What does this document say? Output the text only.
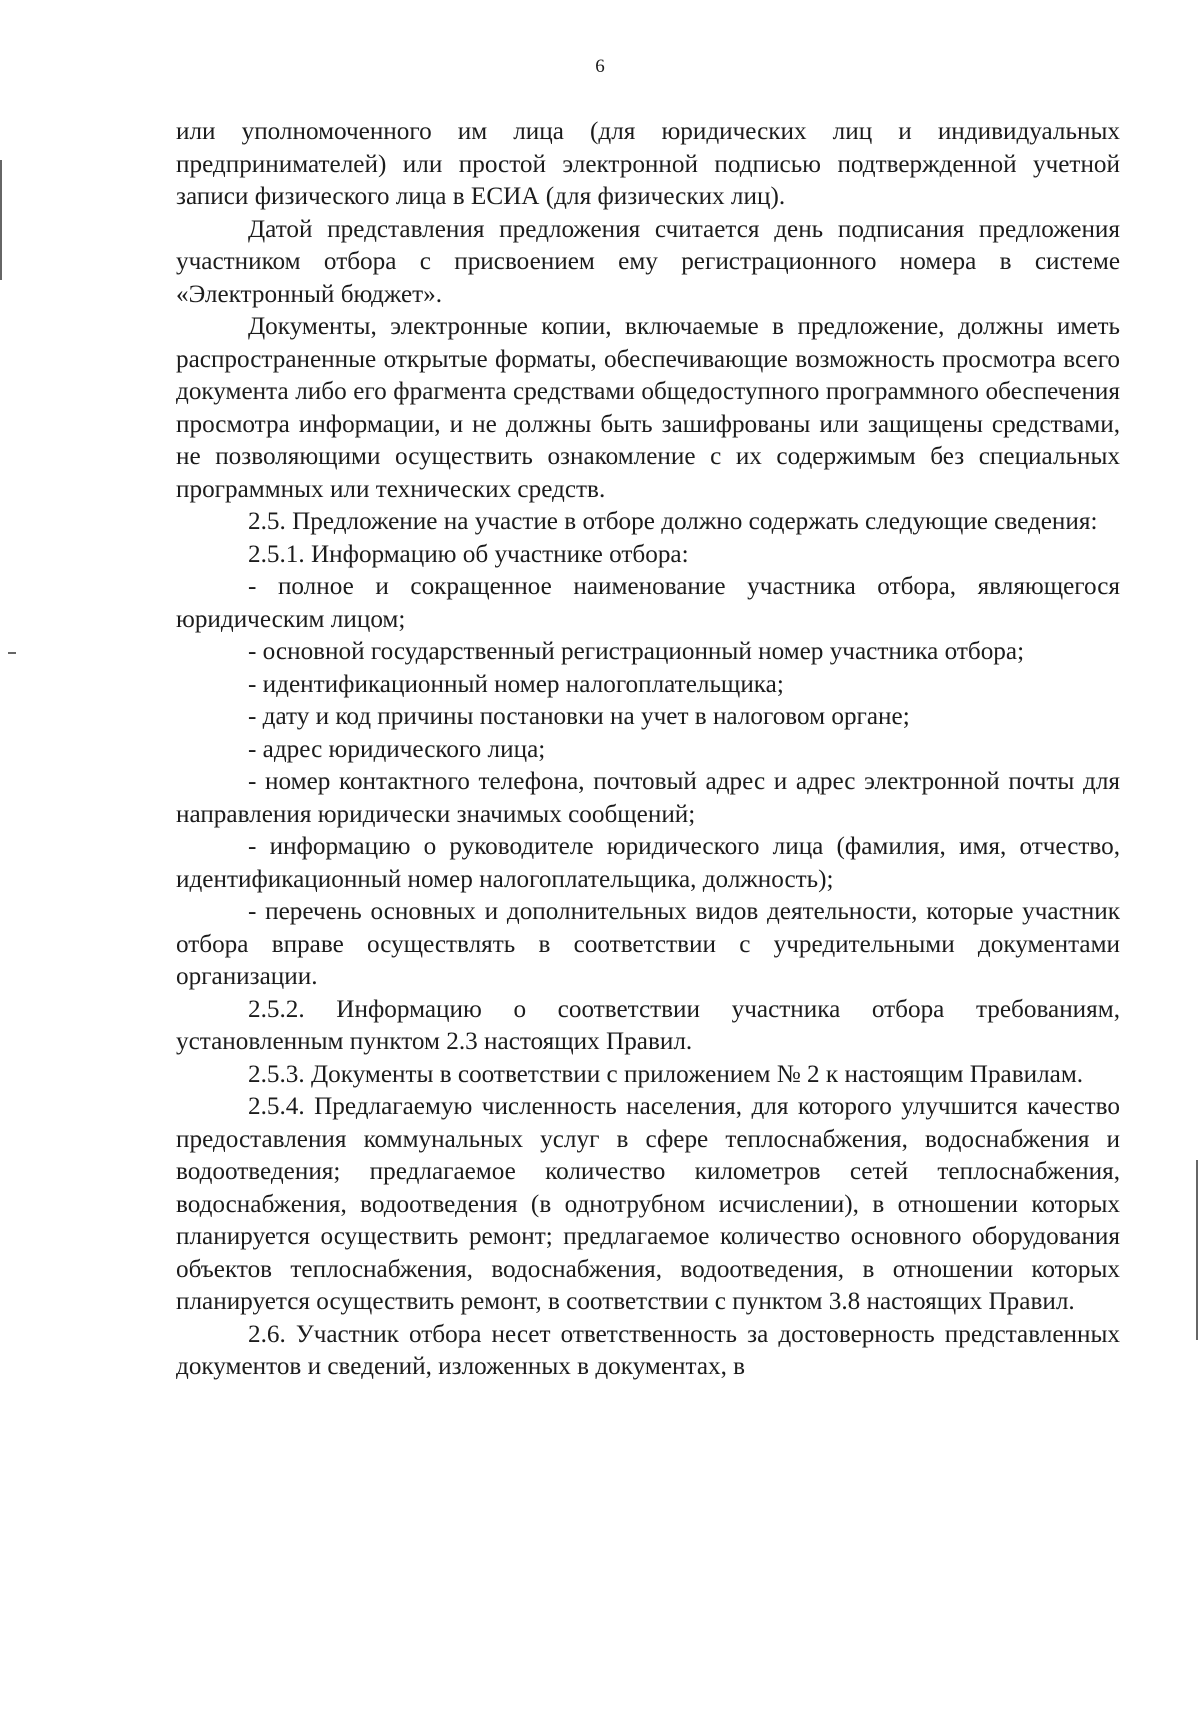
6

или уполномоченного им лица (для юридических лиц и индивидуальных предпринимателей) или простой электронной подписью подтвержденной учетной записи физического лица в ЕСИА (для физических лиц).

Датой представления предложения считается день подписания предложения участником отбора с присвоением ему регистрационного номера в системе «Электронный бюджет».

Документы, электронные копии, включаемые в предложение, должны иметь распространенные открытые форматы, обеспечивающие возможность просмотра всего документа либо его фрагмента средствами общедоступного программного обеспечения просмотра информации, и не должны быть зашифрованы или защищены средствами, не позволяющими осуществить ознакомление с их содержимым без специальных программных или технических средств.

2.5. Предложение на участие в отборе должно содержать следующие сведения:

2.5.1. Информацию об участнике отбора:

- полное и сокращенное наименование участника отбора, являющегося юридическим лицом;

- основной государственный регистрационный номер участника отбора;

- идентификационный номер налогоплательщика;

- дату и код причины постановки на учет в налоговом органе;

- адрес юридического лица;

- номер контактного телефона, почтовый адрес и адрес электронной почты для направления юридически значимых сообщений;

- информацию о руководителе юридического лица (фамилия, имя, отчество, идентификационный номер налогоплательщика, должность);

- перечень основных и дополнительных видов деятельности, которые участник отбора вправе осуществлять в соответствии с учредительными документами организации.

2.5.2. Информацию о соответствии участника отбора требованиям, установленным пунктом 2.3 настоящих Правил.

2.5.3. Документы в соответствии с приложением № 2 к настоящим Правилам.

2.5.4. Предлагаемую численность населения, для которого улучшится качество предоставления коммунальных услуг в сфере теплоснабжения, водоснабжения и водоотведения; предлагаемое количество километров сетей теплоснабжения, водоснабжения, водоотведения (в однотрубном исчислении), в отношении которых планируется осуществить ремонт; предлагаемое количество основного оборудования объектов теплоснабжения, водоснабжения, водоотведения, в отношении которых планируется осуществить ремонт, в соответствии с пунктом 3.8 настоящих Правил.

2.6. Участник отбора несет ответственность за достоверность представленных документов и сведений, изложенных в документах, в
